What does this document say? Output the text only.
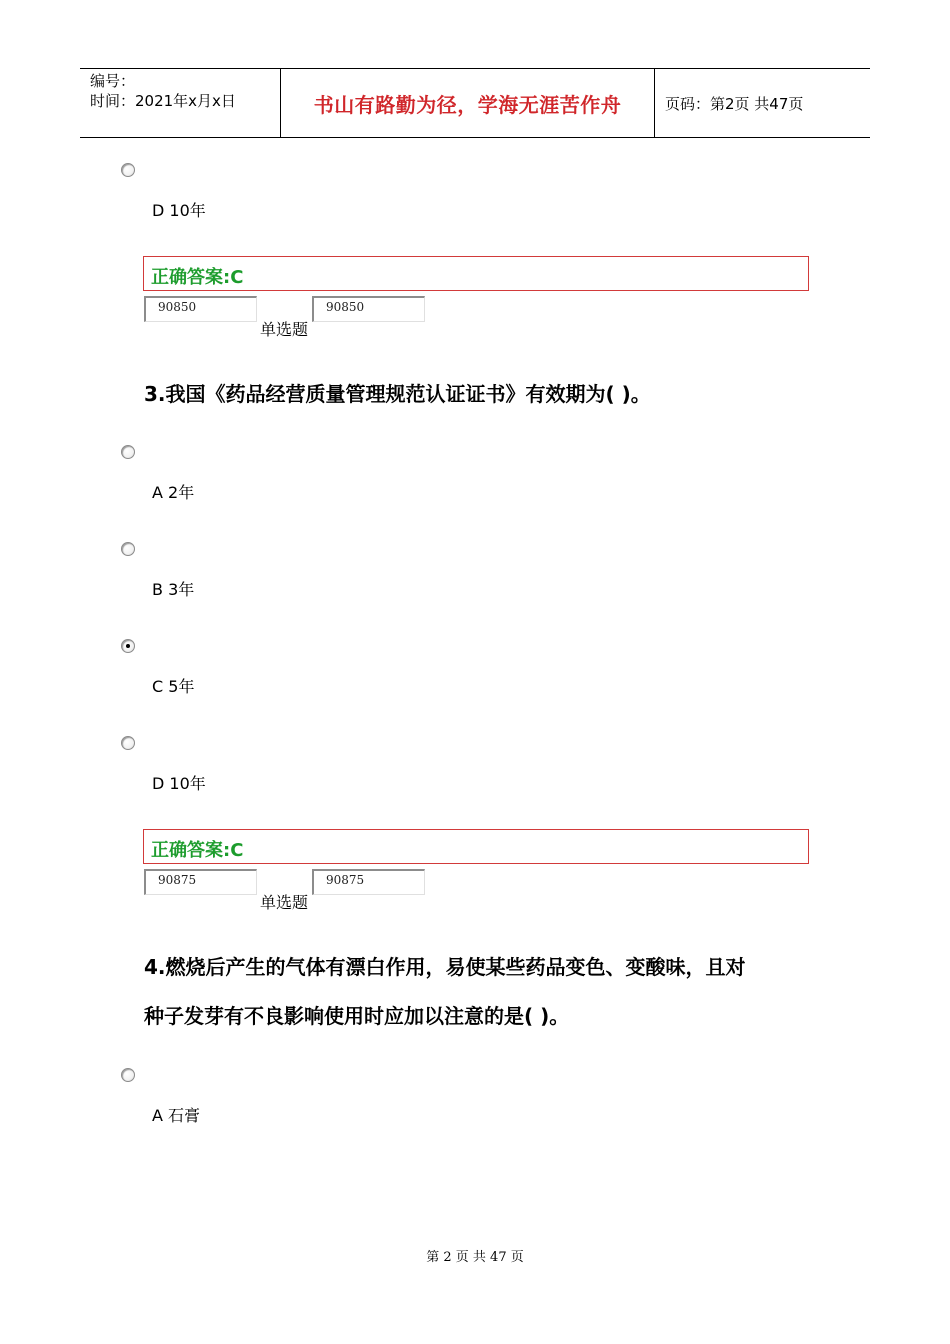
编号：
时间：2021年x月x日	书山有路勤为径，学海无涯苦作舟	页码：第2页 共47页
D 10年
正确答案:C
90850	90850
单选题
3.我国《药品经营质量管理规范认证证书》有效期为( )。
A 2年
B 3年
C 5年
D 10年
正确答案:C
90875	90875
单选题
4.燃烧后产生的气体有漂白作用，易使某些药品变色、变酸味，且对
种子发芽有不良影响使用时应加以注意的是( )。
A 石膏
第 2 页 共 47 页
